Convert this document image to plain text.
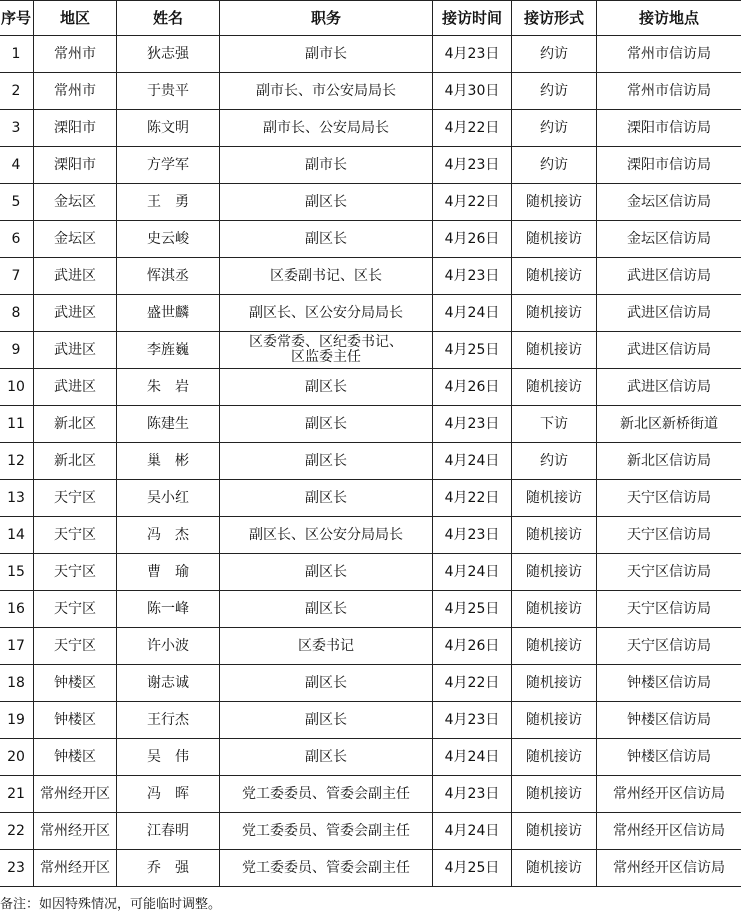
序号	地区	姓名	职务	接访时间	接访形式	接访地点
1	常州市	狄志强	副市长	4月23日	约访	常州市信访局
2	常州市	于贵平	副市长、市公安局局长	4月30日	约访	常州市信访局
3	溧阳市	陈文明	副市长、公安局局长	4月22日	约访	溧阳市信访局
4	溧阳市	方学军	副市长	4月23日	约访	溧阳市信访局
5	金坛区	王　勇	副区长	4月22日	随机接访	金坛区信访局
6	金坛区	史云峻	副区长	4月26日	随机接访	金坛区信访局
7	武进区	恽淇丞	区委副书记、区长	4月23日	随机接访	武进区信访局
8	武进区	盛世麟	副区长、区公安分局局长	4月24日	随机接访	武进区信访局
9	武进区	李旌巍	区委常委、区纪委书记、
区监委主任	4月25日	随机接访	武进区信访局
10	武进区	朱　岩	副区长	4月26日	随机接访	武进区信访局
11	新北区	陈建生	副区长	4月23日	下访	新北区新桥街道
12	新北区	巢　彬	副区长	4月24日	约访	新北区信访局
13	天宁区	吴小红	副区长	4月22日	随机接访	天宁区信访局
14	天宁区	冯　杰	副区长、区公安分局局长	4月23日	随机接访	天宁区信访局
15	天宁区	曹　瑜	副区长	4月24日	随机接访	天宁区信访局
16	天宁区	陈一峰	副区长	4月25日	随机接访	天宁区信访局
17	天宁区	许小波	区委书记	4月26日	随机接访	天宁区信访局
18	钟楼区	谢志诚	副区长	4月22日	随机接访	钟楼区信访局
19	钟楼区	王行杰	副区长	4月23日	随机接访	钟楼区信访局
20	钟楼区	吴　伟	副区长	4月24日	随机接访	钟楼区信访局
21	常州经开区	冯　晖	党工委委员、管委会副主任	4月23日	随机接访	常州经开区信访局
22	常州经开区	江春明	党工委委员、管委会副主任	4月24日	随机接访	常州经开区信访局
23	常州经开区	乔　强	党工委委员、管委会副主任	4月25日	随机接访	常州经开区信访局
备注：如因特殊情况，可能临时调整。
